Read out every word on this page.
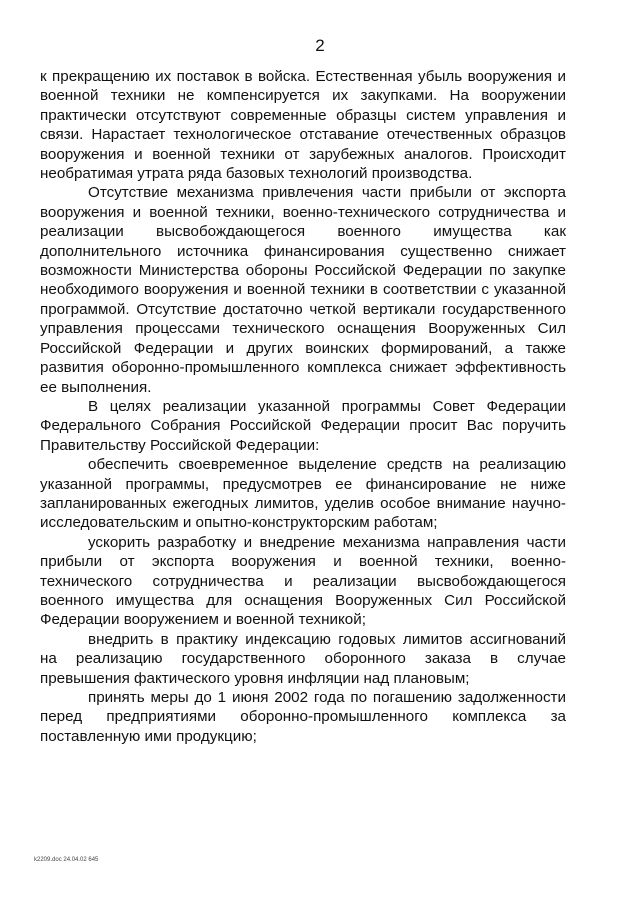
2

к прекращению их поставок в войска. Естественная убыль вооружения и военной техники не компенсируется их закупками. На вооружении практически отсутствуют современные образцы систем управления и связи. Нарастает технологическое отставание отечественных образцов вооружения и военной техники от зарубежных аналогов. Происходит необратимая утрата ряда базовых технологий производства.

Отсутствие механизма привлечения части прибыли от экспорта вооружения и военной техники, военно-технического сотрудничества и реализации высвобождающегося военного имущества как дополнительного источника финансирования существенно снижает возможности Министерства обороны Российской Федерации по закупке необходимого вооружения и военной техники в соответствии с указанной программой. Отсутствие достаточно четкой вертикали государственного управления процессами технического оснащения Вооруженных Сил Российской Федерации и других воинских формирований, а также развития оборонно-промышленного комплекса снижает эффективность ее выполнения.

В целях реализации указанной программы Совет Федерации Федерального Собрания Российской Федерации просит Вас поручить Правительству Российской Федерации:

обеспечить своевременное выделение средств на реализацию указанной программы, предусмотрев ее финансирование не ниже запланированных ежегодных лимитов, уделив особое внимание научно-исследовательским и опытно-конструкторским работам;

ускорить разработку и внедрение механизма направления части прибыли от экспорта вооружения и военной техники, военно-технического сотрудничества и реализации высвобождающегося военного имущества для оснащения Вооруженных Сил Российской Федерации вооружением и военной техникой;

внедрить в практику индексацию годовых лимитов ассигнований на реализацию государственного оборонного заказа в случае превышения фактического уровня инфляции над плановым;

принять меры до 1 июня 2002 года по погашению задолженности перед предприятиями оборонно-промышленного комплекса за поставленную ими продукцию;

k2209.doc 24.04.02 645
